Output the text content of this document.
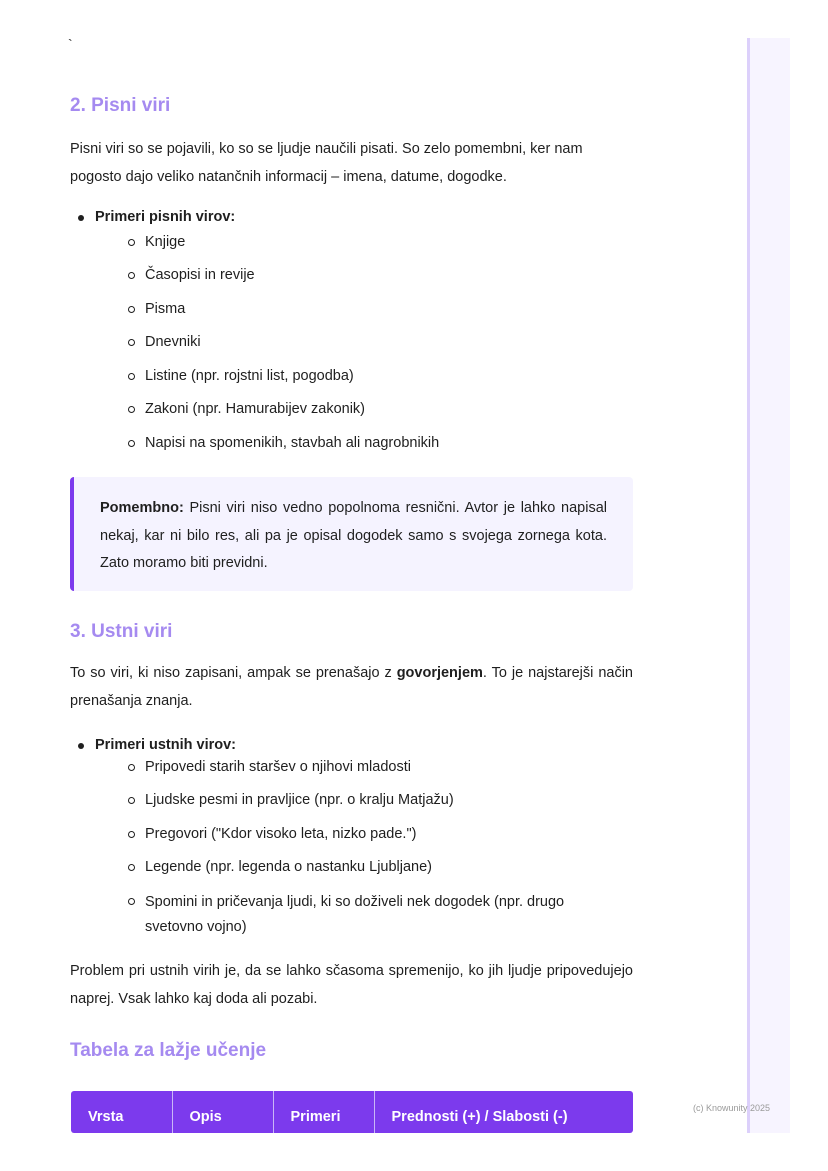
`
2. Pisni viri
Pisni viri so se pojavili, ko so se ljudje naučili pisati. So zelo pomembni, ker nam pogosto dajo veliko natančnih informacij – imena, datume, dogodke.
Primeri pisnih virov:
Knjige
Časopisi in revije
Pisma
Dnevniki
Listine (npr. rojstni list, pogodba)
Zakoni (npr. Hamurabijev zakonik)
Napisi na spomenikih, stavbah ali nagrobnikih
Pomembno: Pisni viri niso vedno popolnoma resnični. Avtor je lahko napisal nekaj, kar ni bilo res, ali pa je opisal dogodek samo s svojega zornega kota. Zato moramo biti previdni.
3. Ustni viri
To so viri, ki niso zapisani, ampak se prenašajo z govorjenjem. To je najstarejši način prenašanja znanja.
Primeri ustnih virov:
Pripovedi starih staršev o njihovi mladosti
Ljudske pesmi in pravljice (npr. o kralju Matjažu)
Pregovori ("Kdor visoko leta, nizko pade.")
Legende (npr. legenda o nastanku Ljubljane)
Spomini in pričevanja ljudi, ki so doživeli nek dogodek (npr. drugo svetovno vojno)
Problem pri ustnih virih je, da se lahko sčasoma spremenijo, ko jih ljudje pripovedujejo naprej. Vsak lahko kaj doda ali pozabi.
Tabela za lažje učenje
Vrsta	Opis	Primeri	Prednosti (+) / Slabosti (-)
(c) Knowunity 2025
